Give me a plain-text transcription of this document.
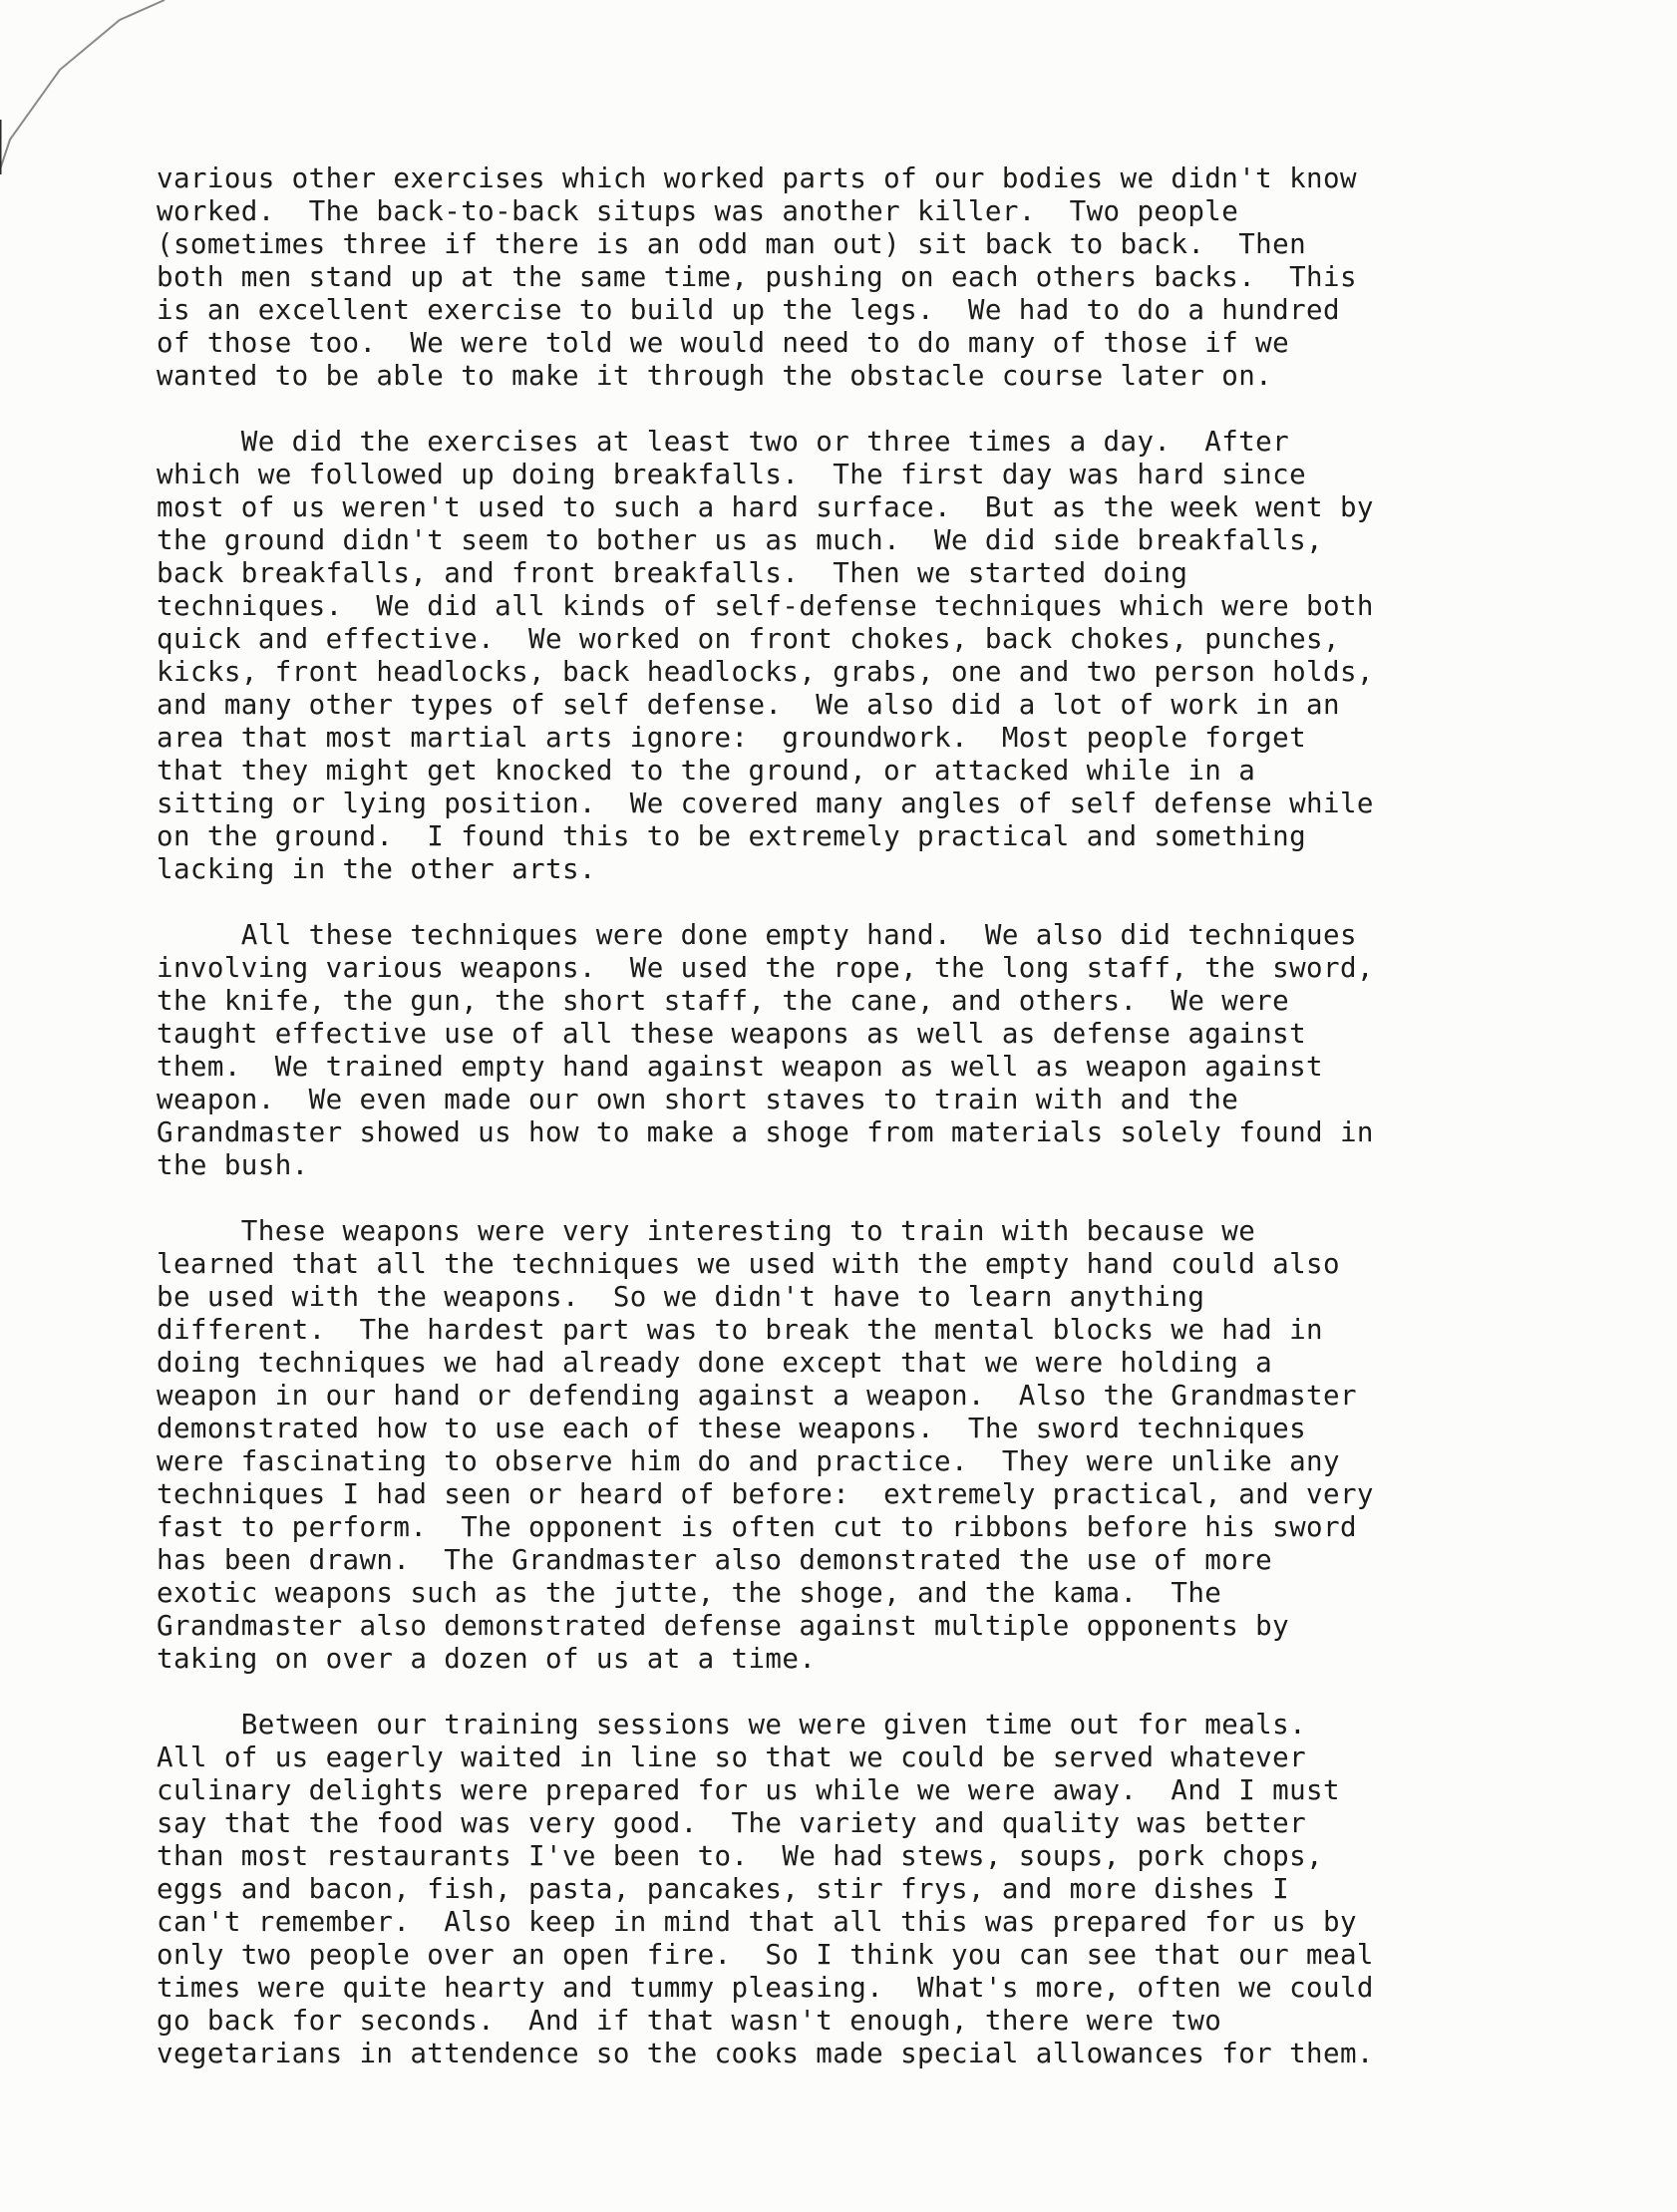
various other exercises which worked parts of our bodies we didn't know
worked.  The back-to-back situps was another killer.  Two people
(sometimes three if there is an odd man out) sit back to back.  Then
both men stand up at the same time, pushing on each others backs.  This
is an excellent exercise to build up the legs.  We had to do a hundred
of those too.  We were told we would need to do many of those if we
wanted to be able to make it through the obstacle course later on.
We did the exercises at least two or three times a day.  After
which we followed up doing breakfalls.  The first day was hard since
most of us weren't used to such a hard surface.  But as the week went by
the ground didn't seem to bother us as much.  We did side breakfalls,
back breakfalls, and front breakfalls.  Then we started doing
techniques.  We did all kinds of self-defense techniques which were both
quick and effective.  We worked on front chokes, back chokes, punches,
kicks, front headlocks, back headlocks, grabs, one and two person holds,
and many other types of self defense.  We also did a lot of work in an
area that most martial arts ignore:  groundwork.  Most people forget
that they might get knocked to the ground, or attacked while in a
sitting or lying position.  We covered many angles of self defense while
on the ground.  I found this to be extremely practical and something
lacking in the other arts.
All these techniques were done empty hand.  We also did techniques
involving various weapons.  We used the rope, the long staff, the sword,
the knife, the gun, the short staff, the cane, and others.  We were
taught effective use of all these weapons as well as defense against
them.  We trained empty hand against weapon as well as weapon against
weapon.  We even made our own short staves to train with and the
Grandmaster showed us how to make a shoge from materials solely found in
the bush.
These weapons were very interesting to train with because we
learned that all the techniques we used with the empty hand could also
be used with the weapons.  So we didn't have to learn anything
different.  The hardest part was to break the mental blocks we had in
doing techniques we had already done except that we were holding a
weapon in our hand or defending against a weapon.  Also the Grandmaster
demonstrated how to use each of these weapons.  The sword techniques
were fascinating to observe him do and practice.  They were unlike any
techniques I had seen or heard of before:  extremely practical, and very
fast to perform.  The opponent is often cut to ribbons before his sword
has been drawn.  The Grandmaster also demonstrated the use of more
exotic weapons such as the jutte, the shoge, and the kama.  The
Grandmaster also demonstrated defense against multiple opponents by
taking on over a dozen of us at a time.
Between our training sessions we were given time out for meals.
All of us eagerly waited in line so that we could be served whatever
culinary delights were prepared for us while we were away.  And I must
say that the food was very good.  The variety and quality was better
than most restaurants I've been to.  We had stews, soups, pork chops,
eggs and bacon, fish, pasta, pancakes, stir frys, and more dishes I
can't remember.  Also keep in mind that all this was prepared for us by
only two people over an open fire.  So I think you can see that our meal
times were quite hearty and tummy pleasing.  What's more, often we could
go back for seconds.  And if that wasn't enough, there were two
vegetarians in attendence so the cooks made special allowances for them.
